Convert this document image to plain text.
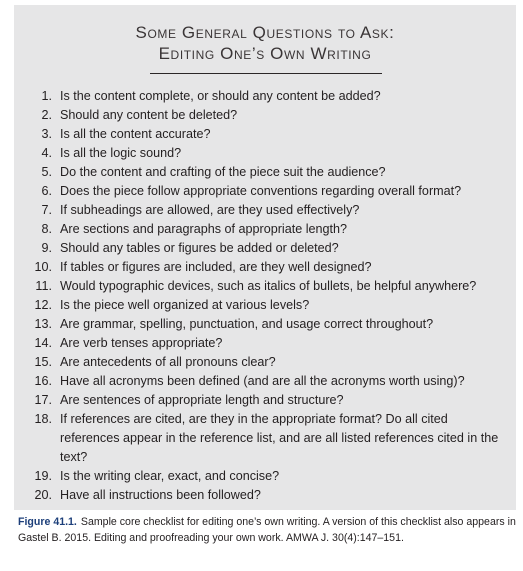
Some General Questions to Ask:
Editing One’s Own Writing
1. Is the content complete, or should any content be added?
2. Should any content be deleted?
3. Is all the content accurate?
4. Is all the logic sound?
5. Do the content and crafting of the piece suit the audience?
6. Does the piece follow appropriate conventions regarding overall format?
7. If subheadings are allowed, are they used effectively?
8. Are sections and paragraphs of appropriate length?
9. Should any tables or figures be added or deleted?
10. If tables or figures are included, are they well designed?
11. Would typographic devices, such as italics of bullets, be helpful anywhere?
12. Is the piece well organized at various levels?
13. Are grammar, spelling, punctuation, and usage correct throughout?
14. Are verb tenses appropriate?
15. Are antecedents of all pronouns clear?
16. Have all acronyms been defined (and are all the acronyms worth using)?
17. Are sentences of appropriate length and structure?
18. If references are cited, are they in the appropriate format? Do all cited references appear in the reference list, and are all listed references cited in the text?
19. Is the writing clear, exact, and concise?
20. Have all instructions been followed?
Figure 41.1. Sample core checklist for editing one’s own writing. A version of this checklist also appears in Gastel B. 2015. Editing and proofreading your own work. AMWA J. 30(4):147–151.
